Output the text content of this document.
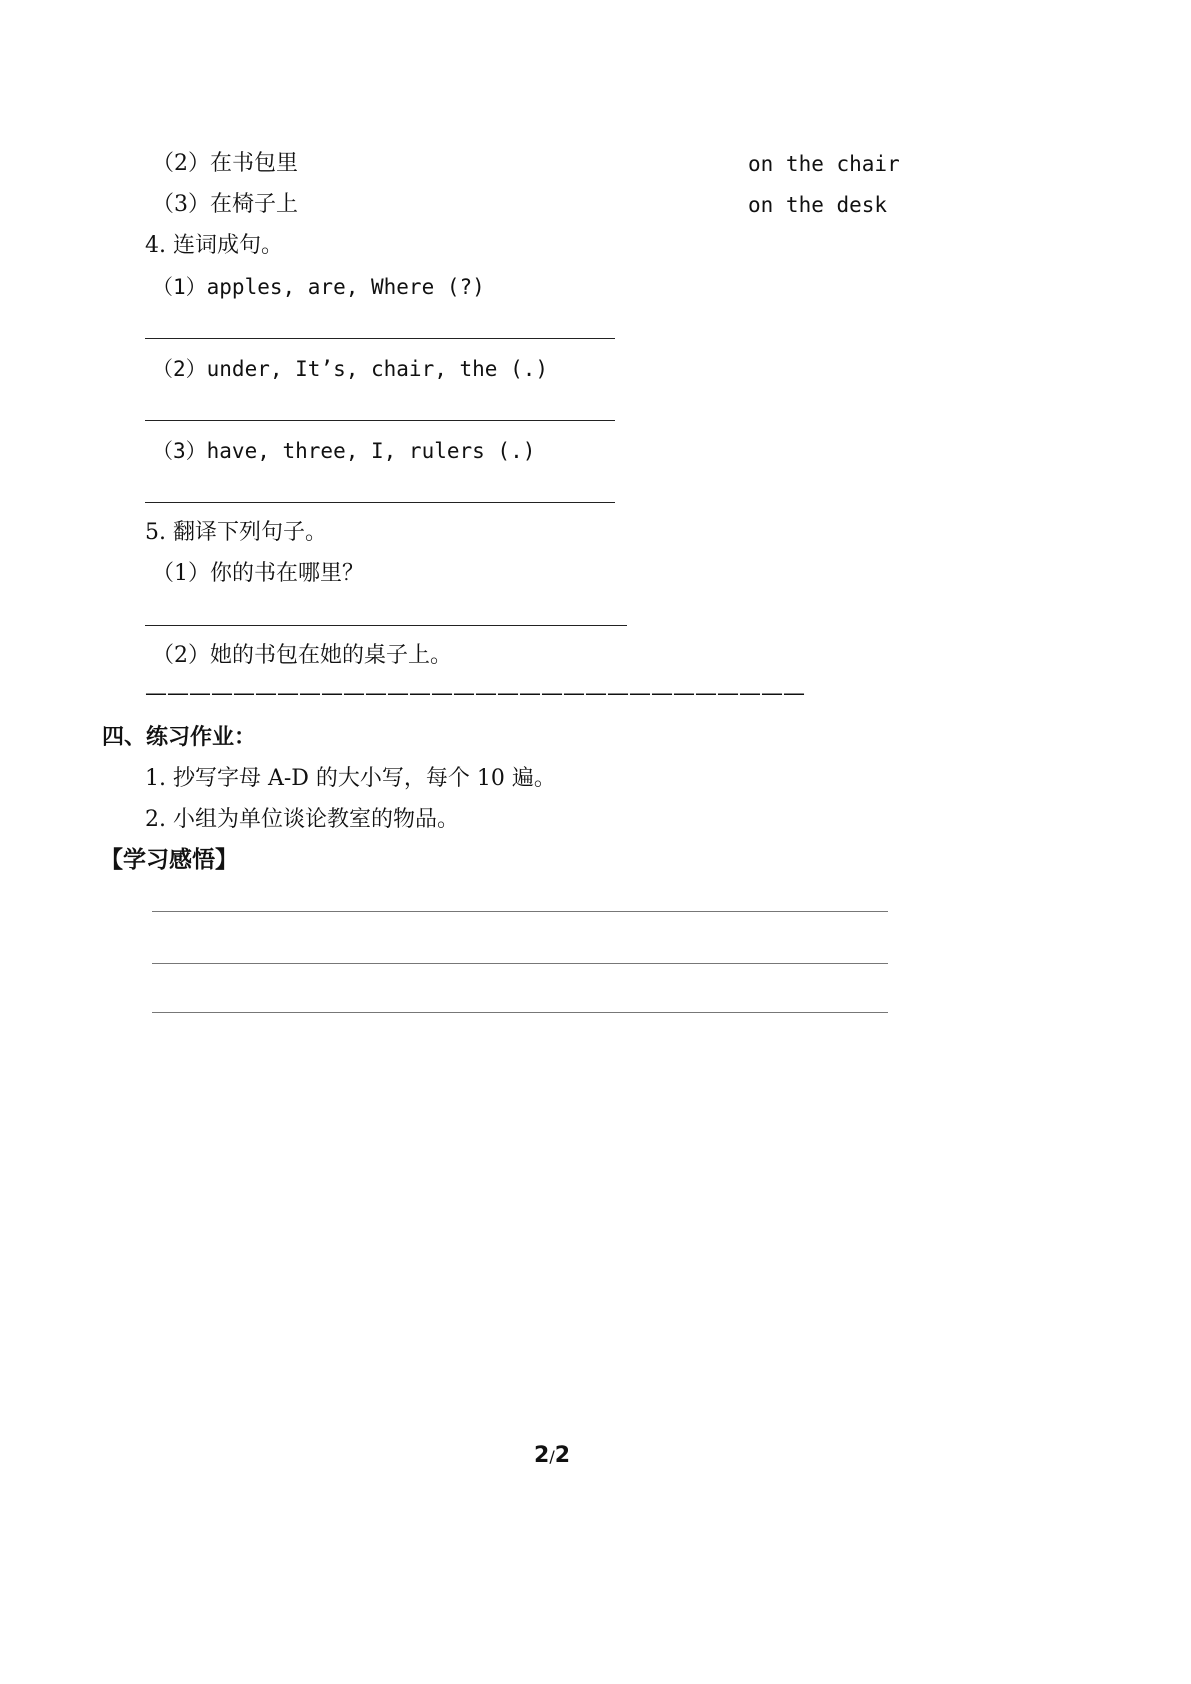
（2）在书包里	on the chair
（3）在椅子上	on the desk
4. 连词成句。
（1）apples, are, Where (?)
（2）under, It’s, chair, the (.)
（3）have, three, I, rulers (.)
5. 翻译下列句子。
（1）你的书在哪里？
（2）她的书包在她的桌子上。
——————————————————————————————
四、练习作业：
1. 抄写字母 A-D 的大小写，每个 10 遍。
2. 小组为单位谈论教室的物品。
【学习感悟】
2/2
